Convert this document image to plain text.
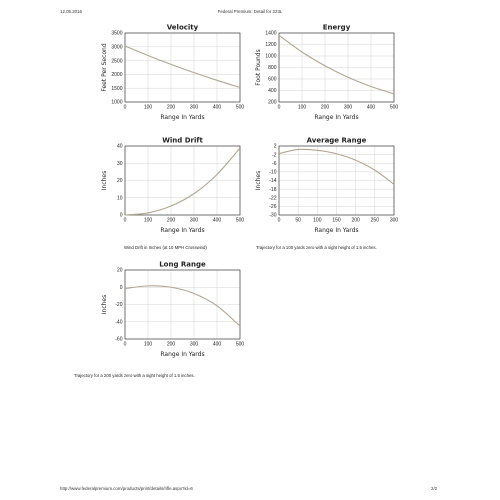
12.05.2016	Federal Premium: Detail for 223L
0	100	200	300	400	500
1000
1500
2000
2500
3000
3500
Velocity
Range In Yards
Feet Per Second
0	100	200	300	400	500
200
400
600
800
1000
1200
1400
Energy
Range In Yards
Foot Pounds
0	100	200	300	400	500
0
10
20
30
40
Wind Drift
Range In Yards
Inches
0	50 100 150 200 250 300
2
-2
-6
-10
-14
-18
-22
-26
-30
Average Range
Range In Yards
Inches
0	100	200	300	400	500
20
0
-20
-40
-60
Long Range
Range In Yards
Inches
Wind Drift in Inches (at 10 MPH Crosswind)	Trajectory for a 100 yards zero with a sight height of 1.5 inches.
Trajectory for a 200 yards zero with a sight height of 1.5 inches.
http://www.federalpremium.com/products/print/details/rifle.aspx?id=6	2/2
